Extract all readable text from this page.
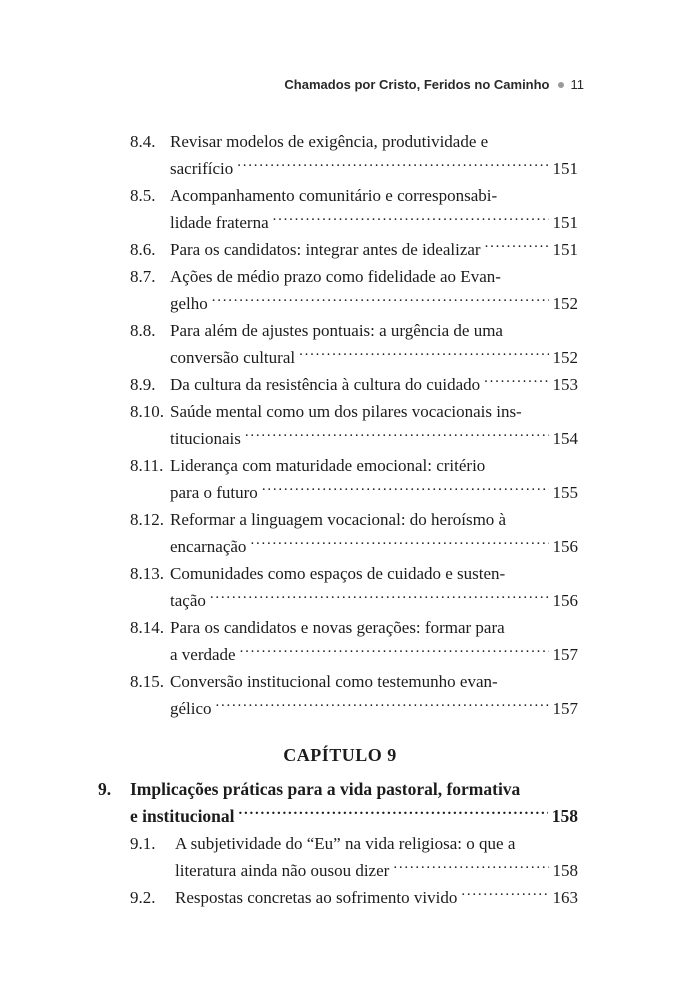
Chamados por Cristo, Feridos no Caminho 11
8.4. Revisar modelos de exigência, produtividade e
sacrifício . . .	151
8.5. Acompanhamento comunitário e corresponsabi-
lidade fraterna . . .	151
8.6. Para os candidatos: integrar antes de idealizar . . .	151
8.7. Ações de médio prazo como fidelidade ao Evan-
gelho . . .	152
8.8. Para além de ajustes pontuais: a urgência de uma
conversão cultural . . .	152
8.9. Da cultura da resistência à cultura do cuidado . . .	153
8.10. Saúde mental como um dos pilares vocacionais ins-
titucionais . . .	154
8.11. Liderança com maturidade emocional: critério
para o futuro . . .	155
8.12. Reformar a linguagem vocacional: do heroísmo à
encarnação . . .	156
8.13. Comunidades como espaços de cuidado e susten-
tação . . .	156
8.14. Para os candidatos e novas gerações: formar para
a verdade . . .	157
8.15. Conversão institucional como testemunho evan-
gélico . . .	157
CAPÍTULO 9
9. Implicações práticas para a vida pastoral, formativa
e institucional . . .	158
9.1. A subjetividade do “Eu” na vida religiosa: o que a
literatura ainda não ousou dizer . . .	158
9.2. Respostas concretas ao sofrimento vivido . . .	163
